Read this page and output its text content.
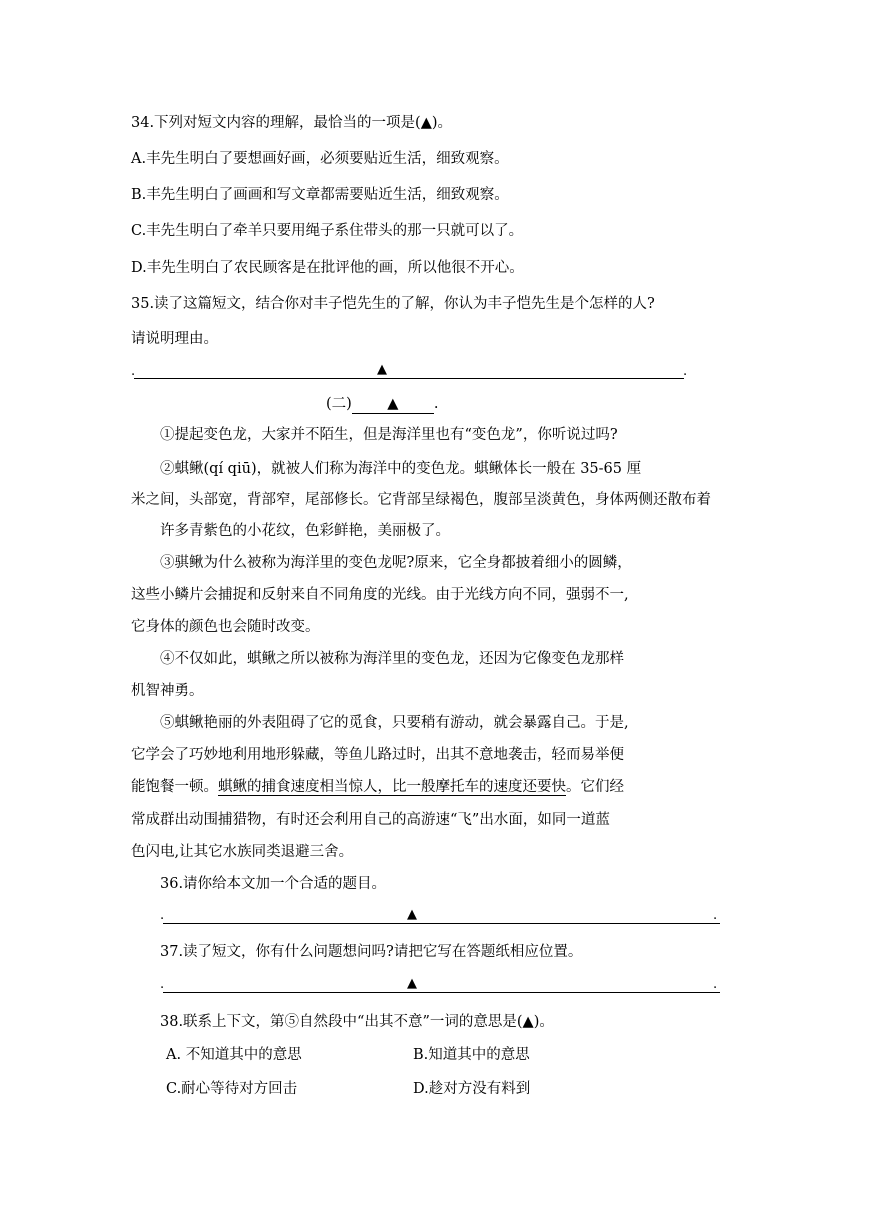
34.下列对短文内容的理解，最恰当的一项是(▲)。
A.丰先生明白了要想画好画，必须要贴近生活，细致观察。
B.丰先生明白了画画和写文章都需要贴近生活，细致观察。
C.丰先生明白了牵羊只要用绳子系住带头的那一只就可以了。
D.丰先生明白了农民顾客是在批评他的画，所以他很不开心。
35.读了这篇短文，结合你对丰子恺先生的了解，你认为丰子恺先生是个怎样的人?
请说明理由。
.	▲	.
(二) ▲ .
①提起变色龙，大家并不陌生，但是海洋里也有“变色龙”，你听说过吗?
②蜞鳅(qí qiū)，就被人们称为海洋中的变色龙。蜞鳅体长一般在 35-65 厘
米之间，头部宽，背部窄，尾部修长。它背部呈绿褐色，腹部呈淡黄色，身体两侧还散布着
许多青紫色的小花纹，色彩鲜艳，美丽极了。
③骐鳅为什么被称为海洋里的变色龙呢?原来，它全身都披着细小的圆鳞，
这些小鳞片会捕捉和反射来自不同角度的光线。由于光线方向不同，强弱不一,
它身体的颜色也会随时改变。
④不仅如此，蜞鳅之所以被称为海洋里的变色龙，还因为它像变色龙那样
机智神勇。
⑤蜞鳅艳丽的外表阻碍了它的觅食，只要稍有游动，就会暴露自己。于是,
它学会了巧妙地利用地形躲藏，等鱼儿路过时，出其不意地袭击，轻而易举便
能饱餐一顿。蜞鳅的捕食速度相当惊人，比一般摩托车的速度还要快。它们经
常成群出动围捕猎物，有时还会利用自己的高游速“飞”出水面，如同一道蓝
色闪电,让其它水族同类退避三舍。
36.请你给本文加一个合适的题目。
.	▲	.
37.读了短文，你有什么问题想问吗?请把它写在答题纸相应位置。
.	▲	.
38.联系上下文，第⑤自然段中“出其不意”一词的意思是(▲)。
A. 不知道其中的意思	B.知道其中的意思
C.耐心等待对方回击	D.趁对方没有料到
